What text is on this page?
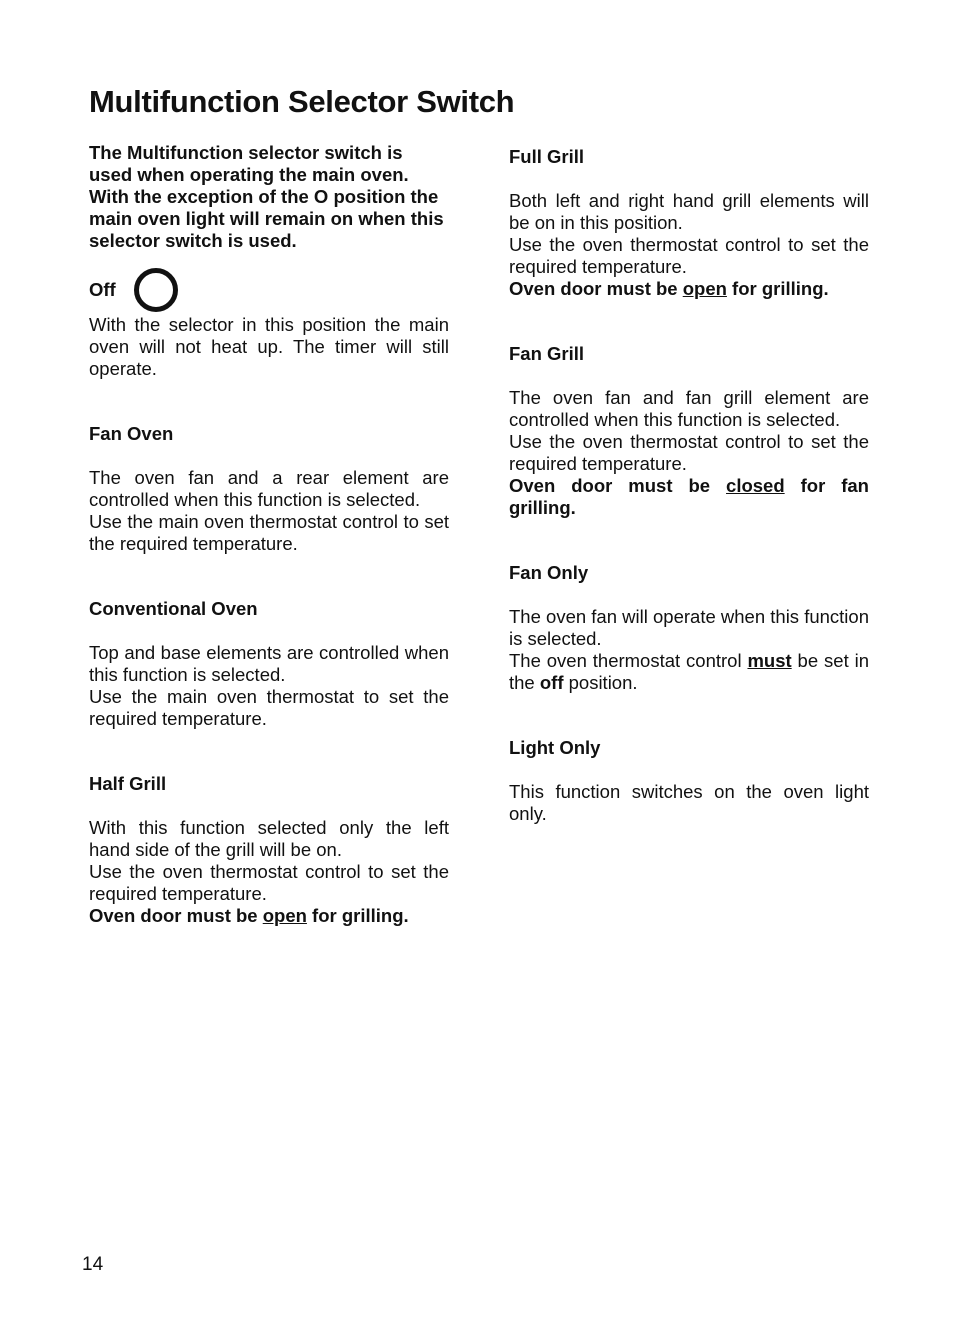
Multifunction Selector Switch

The Multifunction selector switch is used when operating the main oven. With the exception of the O position the main oven light will remain on when this selector switch is used.

Off

With the selector in this position the main oven will not heat up. The timer will still operate.

Fan Oven

The oven fan and a rear element are controlled when this function is selected.

Use the main oven thermostat control to set the required temperature.

Conventional Oven

Top and base elements are controlled when this function is selected.

Use the main oven thermostat to set the required temperature.

Half Grill

With this function selected only the left hand side of the grill will be on.

Use the oven thermostat control to set the required temperature.

Oven door must be open for grilling.

Full Grill

Both left and right hand grill elements will be on in this position.

Use the oven thermostat control to set the required temperature.

Oven door must be open for grilling.

Fan Grill

The oven fan and fan grill element are controlled when this function is selected.

Use the oven thermostat control to set the required temperature.

Oven door must be closed for fan grilling.

Fan Only

The oven fan will operate when this function is selected.

The oven thermostat control must be set in the off position.

Light Only

This function switches on the oven light only.

14
